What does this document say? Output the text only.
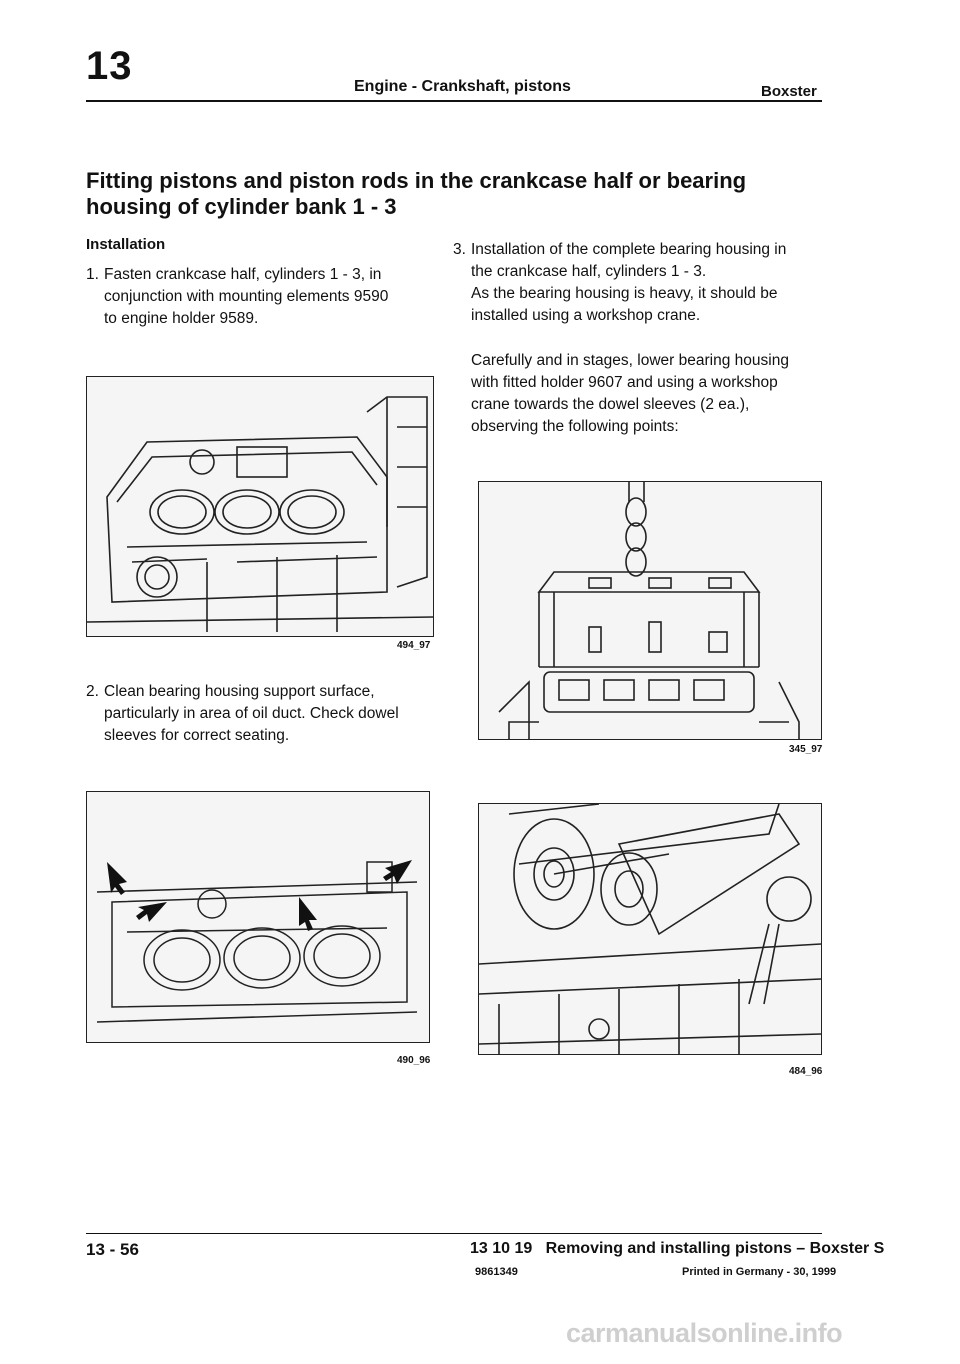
13	Engine - Crankshaft, pistons	Boxster
Fitting pistons and piston rods in the crankcase half or bearing housing of cylinder bank 1 - 3
Installation
1. Fasten crankcase half, cylinders 1 - 3, in
conjunction with mounting elements 9590
to engine holder 9589.
494_97
2. Clean bearing housing support surface,
particularly in area of oil duct. Check dowel
sleeves for correct seating.
490_96
3. Installation of the complete bearing housing in
the crankcase half, cylinders 1 - 3.
As the bearing housing is heavy, it should be
installed using a workshop crane.
Carefully and in stages, lower bearing housing
with fitted holder 9607 and using a workshop
crane towards the dowel sleeves (2 ea.),
observing the following points:
345_97
484_96
13 - 56	13 10 19   Removing and installing pistons – Boxster S
9861349	Printed in Germany - 30, 1999
carmanualsonline.info
